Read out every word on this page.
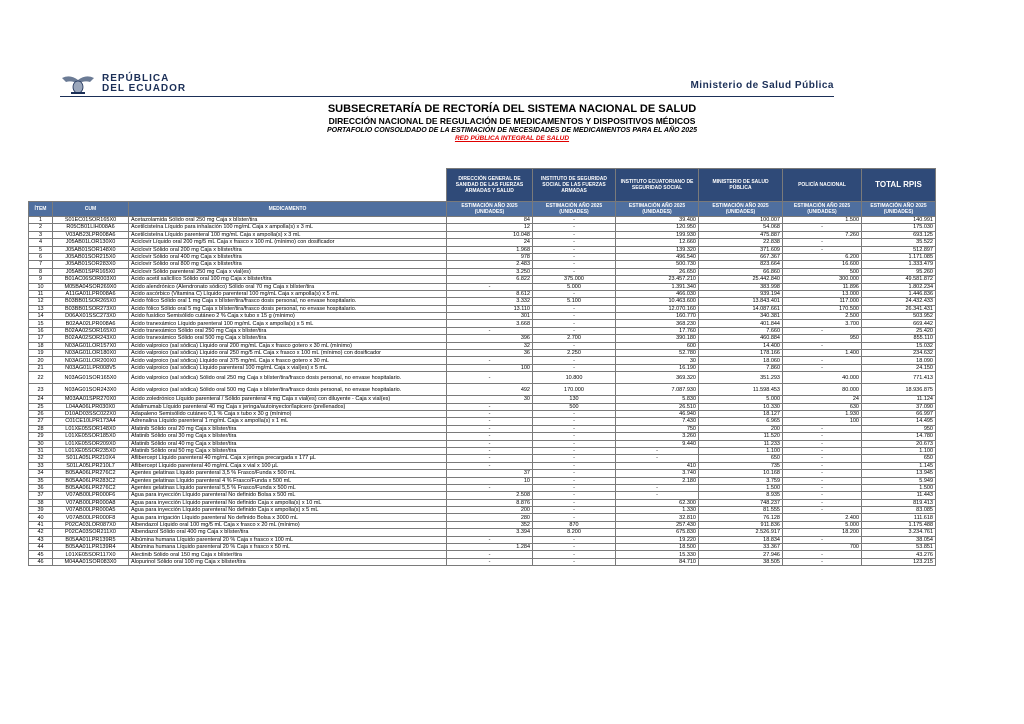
REPÚBLICA
DEL ECUADOR	Ministerio de Salud Pública
SUBSECRETARÍA DE RECTORÍA DEL SISTEMA NACIONAL DE SALUD
DIRECCIÓN NACIONAL DE REGULACIÓN DE MEDICAMENTOS Y DISPOSITIVOS MÉDICOS
PORTAFOLIO CONSOLIDADO DE LA ESTIMACIÓN DE NECESIDADES DE MEDICAMENTOS PARA EL AÑO 2025
RED PÚBLICA INTEGRAL DE SALUD
			DIRECCIÓN GENERAL DE SANIDAD DE LAS FUERZAS ARMADAS Y SALUD	INSTITUTO DE SEGURIDAD SOCIAL DE LAS FUERZAS ARMADAS	INSTITUTO ECUATORIANO DE SEGURIDAD SOCIAL	MINISTERIO DE SALUD PÚBLICA	POLICÍA NACIONAL	TOTAL RPIS
ÍTEM	CUM	MEDICAMENTO	ESTIMACIÓN AÑO 2025 (UNIDADES)	ESTIMACIÓN AÑO 2025 (UNIDADES)	ESTIMACIÓN AÑO 2025 (UNIDADES)	ESTIMACIÓN AÑO 2025 (UNIDADES)	ESTIMACIÓN AÑO 2025 (UNIDADES)	ESTIMACIÓN AÑO 2025 (UNIDADES)
1	S01EC01SOR165X0	Acetazolamida Sólido oral 250 mg Caja x blíster/tira	84	-	39.400	100.007	1.500	140.991
2	R05CB01LIH008A6	Acetilcisteína Líquido para inhalación 100 mg/mL Caja x ampolla(s) x 3 mL	12	-	120.950	54.068	-	175.030
3	V03AB23LPR008A6	Acetilcisteína Líquido parenteral 100 mg/mL Caja x ampolla(s) x 3 mL	10.048	-	199.930	475.887	7.260	693.125
4	J05AB01LOR130X0	Aciclovir Líquido oral 200 mg/5 mL Caja x frasco x 100 mL (mínimo) con dosificador	24	-	12.660	22.838	-	35.522
5	J05AB01SOR148X0	Aciclovir Sólido oral 200 mg Caja x blíster/tira	1.968	-	139.320	371.609	-	512.897
6	J05AB01SOR215X0	Aciclovir Sólido oral 400 mg Caja x blíster/tira	978	-	496.540	667.367	6.200	1.171.085
7	J05AB01SOR283X0	Aciclovir Sólido oral 800 mg Caja x blíster/tira	2.483	-	500.730	823.664	16.600	1.333.479
8	J05AB01SPR165X0	Aciclovir Sólido parenteral 250 mg Caja x vial(es)	3.250	-	26.650	66.860	500	95.260
9	B01AC06SOR003X0	Ácido acetil salicílico Sólido oral 100 mg Caja x blíster/tira	6.822	375.000	23.457.210	25.442.840	300.000	49.581.872
10	M05BA04SOR269X0	Ácido alendrónico (Alendronato sódico) Sólido oral 70 mg Caja x blíster/tira	-	5.000	1.391.340	383.998	11.896	1.802.234
11	A11GA01LPR008A6	Ácido ascórbico (Vitamina C) Líquido parenteral 100 mg/mL Caja x ampolla(s) x 5 mL	8.612	-	466.030	939.194	13.000	1.446.836
12	B03BB01SOR265X0	Ácido fólico Sólido oral 1 mg Caja x blíster/tira/frasco dosis personal, no envase hospitalario.	3.332	5.100	10.463.600	13.843.401	117.000	24.432.433
13	B03BB01SOR273X0	Ácido fólico Sólido oral 5 mg Caja x blíster/tira/frasco dosis personal, no envase hospitalario.	13.110	-	12.070.160	14.087.661	170.500	26.341.431
14	D06AX01SSC273X0	Ácido fusídico Semisólido cutáneo 2 % Caja x tubo x 15 g (mínimo)	301	-	160.770	340.381	2.500	503.952
15	B02AA02LPR008A6	Ácido tranexámico Líquido parenteral 100 mg/mL Caja x ampolla(s) x 5 mL	3.668	-	368.230	401.844	3.700	669.442
16	B02AA02SOR165X0	Ácido tranexámico Sólido oral 250 mg Caja x blíster/tira	-	-	17.760	7.660	-	25.420
17	B02AA02SOR243X0	Ácido tranexámico Sólido oral 500 mg Caja x blíster/tira	396	2.700	390.180	460.884	950	855.110
18	N03AG01LOR157X0	Ácido valproico (sal sódica) Líquido oral 200 mg/mL Caja x frasco gotero x 30 mL (mínimo)	32	-	600	14.400	-	15.032
19	N03AG01LOR180X0	Ácido valproico (sal sódica) Líquido oral 250 mg/5 mL Caja x frasco x 100 mL (mínimo) con dosificador	36	2.250	52.780	178.166	1.400	234.632
20	N03AG01LOR200X0	Ácido valproico (sal sódica) Líquido oral 375 mg/mL Caja x frasco gotero x 30 mL	-	-	30	18.060	-	18.090
21	N03AG01LPR008V5	Ácido valproico (sal sódica) Líquido parenteral 100 mg/mL Caja x vial(es) x 5 mL	100	-	16.190	7.860	-	24.150
22	N03AG01SOR165X0	Ácido valproico (sal sódica) Sólido oral 250 mg Caja x blíster/tira/frasco dosis personal, no envase hospitalario.	-	10.800	369.320	351.293	40.000	771.413
23	N03AG01SOR243X0	Ácido valproico (sal sódica) Sólido oral 500 mg Caja x blíster/tira/frasco dosis personal, no envase hospitalario.	492	170.000	7.087.930	11.598.453	80.000	18.936.875
24	M03AA01SPR270X0	Ácido zoledrónico Líquido parenteral / Sólido parenteral 4 mg Caja x vial(es) con diluyente - Caja x vial(es)	30	130	5.830	5.000	24	11.124
25	L04AA06LPR030X0	Adalimumab Líquido parenteral 40 mg Caja x jeringa/autoinyector/lapicero (prellenados)	-	500	26.510	10.330	630	37.090
26	D10AD03SSC022X0	Adapaleno Semisólido cutáneo 0,1 % Caja x tubo x 30 g (mínimo)	-	-	46.940	18.127	1.930	66.997
27	C01CE10LPR173A4	Adrenalina Líquido parenteral 1 mg/mL Caja x ampolla(s) x 1 mL	-	-	7.430	6.965	100	14.495
28	L01XE05SOR148X0	Afatinib Sólido oral 20 mg Caja x blíster/tira	-	-	750	200	-	950
29	L01XE05SOR185X0	Afatinib Sólido oral 30 mg Caja x blíster/tira	-	-	3.260	11.520	-	14.780
30	L01XE05SOR209X0	Afatinib Sólido oral 40 mg Caja x blíster/tira	-	-	9.440	11.233	-	20.673
31	L01XE05SOR235X0	Afatinib Sólido oral 50 mg Caja x blíster/tira	-	-	-	1.100	-	1.100
32	S01LA05LPR210X4	Aflibercept Líquido parenteral 40 mg/mL Caja x jeringa precargada x 177 µL	-	-	-	650	-	650
33	S01LA05LPR210L7	Aflibercept Líquido parenteral 40 mg/mL Caja x vial x 100 µL	-	-	410	735	-	1.145
34	B05AA06LPR276C2	Agentes gelatinas Líquido parenteral 3,5 % Frasco/Funda x 500 mL	37	-	3.740	10.168	-	13.945
35	B05AA06LPR283C2	Agentes gelatinas Líquido parenteral 4 % Frasco/Funda x 500 mL	10	-	2.180	3.759	-	5.949
36	B05AA06LPR276C2	Agentes gelatinas Líquido parenteral 5,5 % Frasco/Funda x 500 mL	-	-	-	1.500	-	1.500
37	V07AB00LPR000F6	Agua para inyección Líquido parenteral No definido Bolsa x 500 mL	2.508	-	-	8.935	-	11.443
38	V07AB00LPR000A8	Agua para inyección Líquido parenteral No definido Caja x ampolla(s) x 10 mL	8.876	-	62.300	748.237	-	819.413
39	V07AB00LPR000A5	Agua para inyección Líquido parenteral No definido Caja x ampolla(s) x 5 mL	200	-	1.330	81.555	-	83.085
40	V07AB00LPR000F8	Agua para irrigación Líquido parenteral No definido Bolsa x 3000 mL	280	-	32.810	76.128	2.400	111.618
41	P02CA03LOR087X0	Albendazol Líquido oral 100 mg/5 mL Caja x frasco x 20 mL (mínimo)	352	870	257.430	911.836	5.000	1.175.488
42	P02CA03SOR211X0	Albendazol Sólido oral 400 mg Caja x blíster/tira	3.394	8.200	675.830	2.526.917	18.200	3.234.761
43	B05AA01LPR139R5	Albúmina humana Líquido parenteral 20 % Caja x frasco x 100 mL	-	-	19.220	18.834	-	38.054
44	B05AA01LPR139R4	Albúmina humana Líquido parenteral 20 % Caja x frasco x 50 mL	1.284	-	18.500	33.367	700	53.851
45	L01XE05SOR117X0	Alectinib Sólido oral 150 mg Caja x blíster/tira	-	-	15.330	27.946	-	43.276
46	M04AA01SOR083X0	Alopurinol Sólido oral 100 mg Caja x blíster/tira	-	-	84.710	38.505	-	123.215
